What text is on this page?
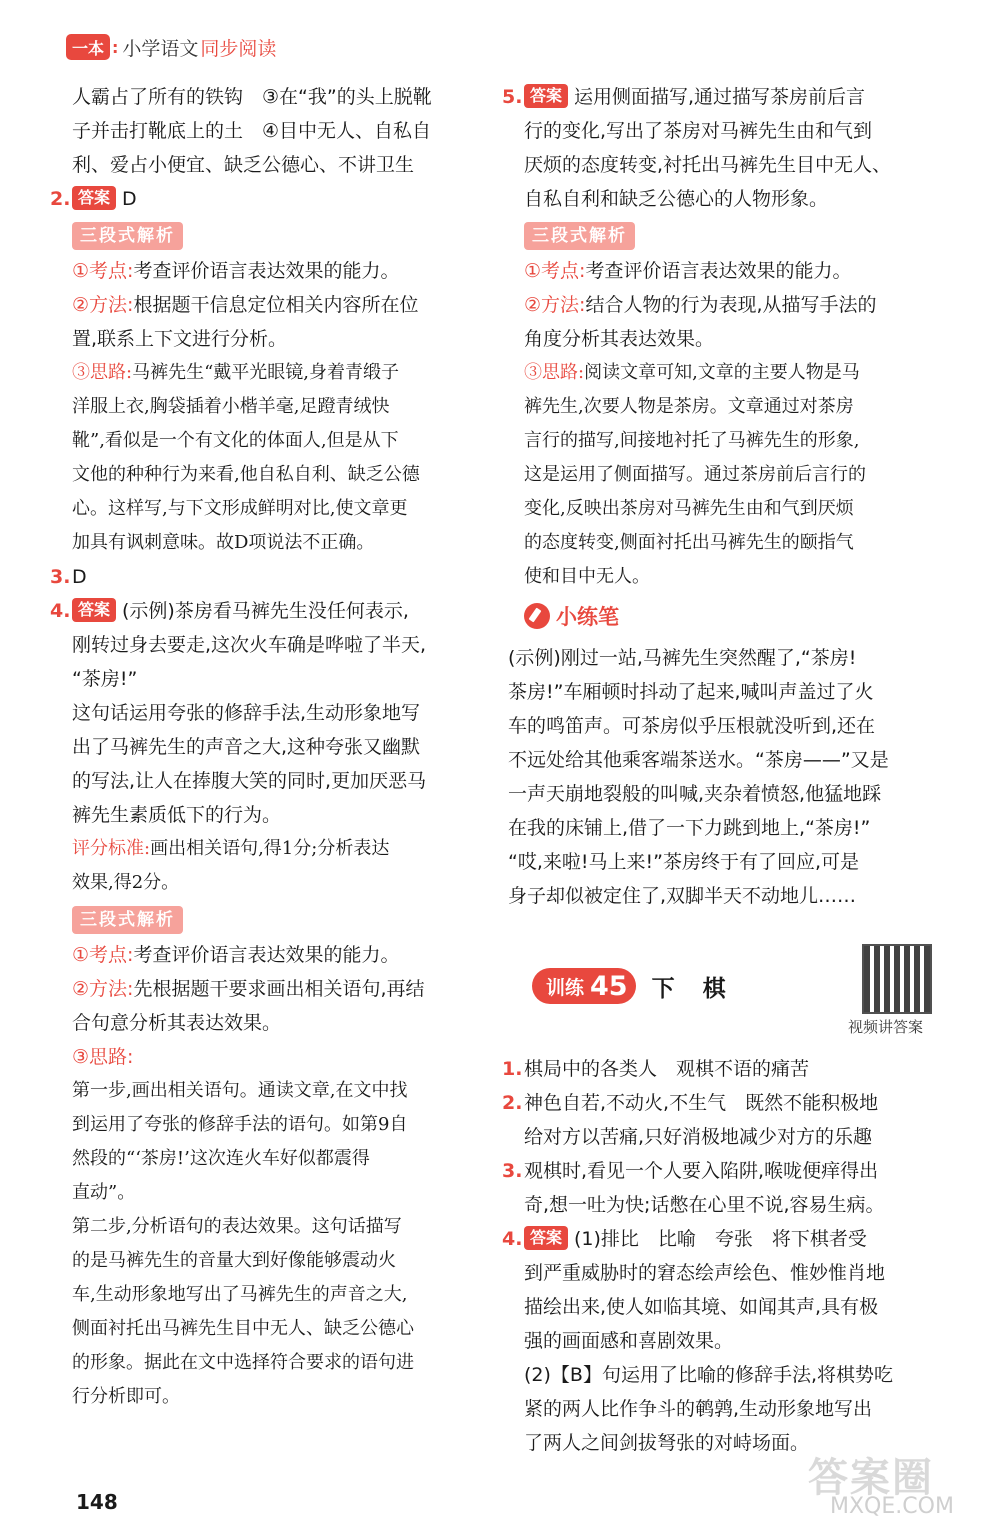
一本 : 小学语文 同步阅读
人霸占了所有的铁钩　③在“我”的头上脱靴
子并击打靴底上的土　④目中无人、自私自
利、爱占小便宜、缺乏公德心、不讲卫生
2. 答案 D
三段式解析
①考点:考查评价语言表达效果的能力。
②方法:根据题干信息定位相关内容所在位
置,联系上下文进行分析。
③思路:马裤先生“戴平光眼镜,身着青缎子
洋服上衣,胸袋插着小楷羊毫,足蹬青绒快
靴”,看似是一个有文化的体面人,但是从下
文他的种种行为来看,他自私自利、缺乏公德
心。这样写,与下文形成鲜明对比,使文章更
加具有讽刺意味。故D项说法不正确。
3.D
4. 答案 (示例)茶房看马裤先生没任何表示,
刚转过身去要走,这次火车确是哗啦了半天,
“茶房!”
这句话运用夸张的修辞手法,生动形象地写
出了马裤先生的声音之大,这种夸张又幽默
的写法,让人在捧腹大笑的同时,更加厌恶马
裤先生素质低下的行为。
评分标准:画出相关语句,得1分;分析表达
效果,得2分。
三段式解析
①考点:考查评价语言表达效果的能力。
②方法:先根据题干要求画出相关语句,再结
合句意分析其表达效果。
③思路:
第一步,画出相关语句。通读文章,在文中找
到运用了夸张的修辞手法的语句。如第9自
然段的“‘茶房!’这次连火车好似都震得
直动”。
第二步,分析语句的表达效果。这句话描写
的是马裤先生的音量大到好像能够震动火
车,生动形象地写出了马裤先生的声音之大,
侧面衬托出马裤先生目中无人、缺乏公德心
的形象。据此在文中选择符合要求的语句进
行分析即可。
5. 答案 运用侧面描写,通过描写茶房前后言
行的变化,写出了茶房对马裤先生由和气到
厌烦的态度转变,衬托出马裤先生目中无人、
自私自利和缺乏公德心的人物形象。
三段式解析
①考点:考查评价语言表达效果的能力。
②方法:结合人物的行为表现,从描写手法的
角度分析其表达效果。
③思路:阅读文章可知,文章的主要人物是马
裤先生,次要人物是茶房。文章通过对茶房
言行的描写,间接地衬托了马裤先生的形象,
这是运用了侧面描写。通过茶房前后言行的
变化,反映出茶房对马裤先生由和气到厌烦
的态度转变,侧面衬托出马裤先生的颐指气
使和目中无人。
小练笔
(示例)刚过一站,马裤先生突然醒了,“茶房!
茶房!”车厢顿时抖动了起来,喊叫声盖过了火
车的鸣笛声。可茶房似乎压根就没听到,还在
不远处给其他乘客端茶送水。“茶房——”又是
一声天崩地裂般的叫喊,夹杂着愤怒,他猛地踩
在我的床铺上,借了一下力跳到地上,“茶房!”
“哎,来啦!马上来!”茶房终于有了回应,可是
身子却似被定住了,双脚半天不动地儿……
训练 45 下 棋
视频讲答案
1.棋局中的各类人　观棋不语的痛苦
2.神色自若,不动火,不生气　既然不能积极地
给对方以苦痛,只好消极地减少对方的乐趣
3.观棋时,看见一个人要入陷阱,喉咙便痒得出
奇,想一吐为快;话憋在心里不说,容易生病。
4. 答案 (1)排比　比喻　夸张　将下棋者受
到严重威胁时的窘态绘声绘色、惟妙惟肖地
描绘出来,使人如临其境、如闻其声,具有极
强的画面感和喜剧效果。
(2)【B】句运用了比喻的修辞手法,将棋势吃
紧的两人比作争斗的鹌鹑,生动形象地写出
了两人之间剑拔弩张的对峙场面。
148
答案圈
MXQE.COM
